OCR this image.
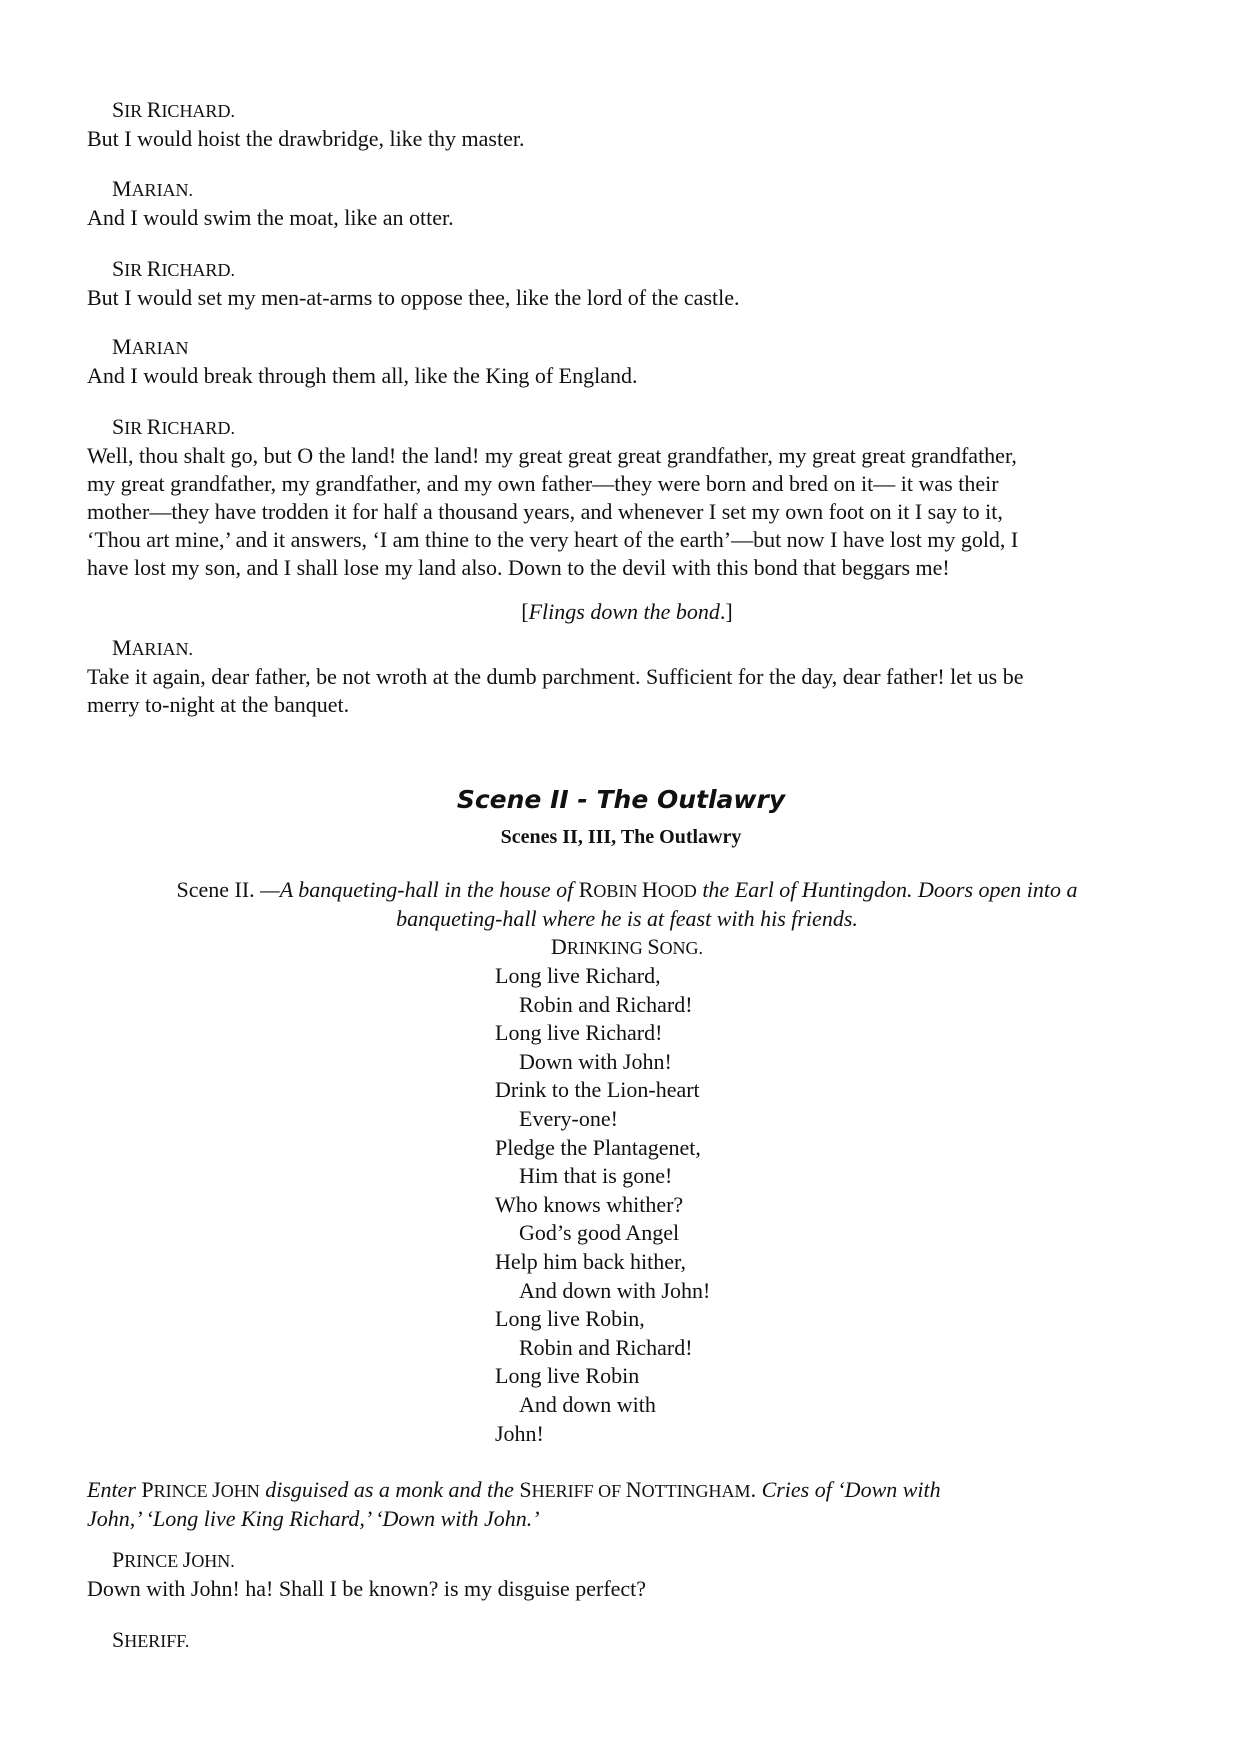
SIR RICHARD.
But I would hoist the drawbridge, like thy master.
MARIAN.
And I would swim the moat, like an otter.
SIR RICHARD.
But I would set my men-at-arms to oppose thee, like the lord of the castle.
MARIAN
And I would break through them all, like the King of England.
SIR RICHARD.
Well, thou shalt go, but O the land! the land! my great great great grandfather, my great great grandfather,
my great grandfather, my grandfather, and my own father—they were born and bred on it— it was their
mother—they have trodden it for half a thousand years, and whenever I set my own foot on it I say to it,
‘Thou art mine,’ and it answers, ‘I am thine to the very heart of the earth’—but now I have lost my gold, I
have lost my son, and I shall lose my land also. Down to the devil with this bond that beggars me!
[Flings down the bond.]
MARIAN.
Take it again, dear father, be not wroth at the dumb parchment. Sufficient for the day, dear father! let us be
merry to-night at the banquet.
Scene II - The Outlawry
Scenes II, III, The Outlawry
Scene II. —A banqueting-hall in the house of ROBIN HOOD the Earl of Huntingdon. Doors open into a
banqueting-hall where he is at feast with his friends.
DRINKING SONG.
Long live Richard,
Robin and Richard!
Long live Richard!
Down with John!
Drink to the Lion-heart
Every-one!
Pledge the Plantagenet,
Him that is gone!
Who knows whither?
God’s good Angel
Help him back hither,
And down with John!
Long live Robin,
Robin and Richard!
Long live Robin
And down with
John!
Enter PRINCE JOHN disguised as a monk and the SHERIFF OF NOTTINGHAM. Cries of ‘Down with
John,’ ‘Long live King Richard,’ ‘Down with John.’
PRINCE JOHN.
Down with John! ha! Shall I be known? is my disguise perfect?
SHERIFF.
